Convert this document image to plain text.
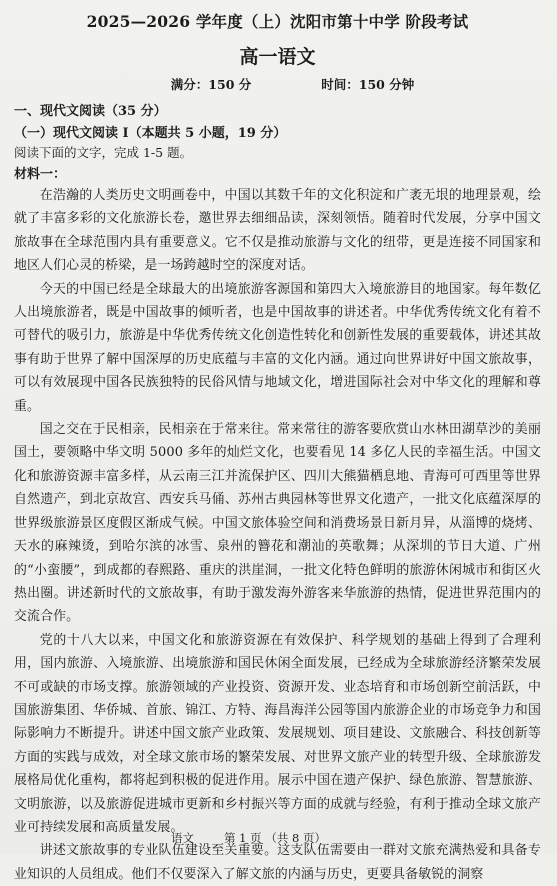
2025—2026 学年度（上）沈阳市第十中学 阶段考试
高一语文
满分：150 分	时间：150 分钟
一、现代文阅读（35 分）
（一）现代文阅读 I（本题共 5 小题，19 分）
阅读下面的文字，完成 1-5 题。
材料一：

在浩瀚的人类历史文明画卷中，中国以其数千年的文化积淀和广袤无垠的地理景观，绘就了丰富多彩的文化旅游长卷，邀世界去细细品读，深刻领悟。随着时代发展，分享中国文旅故事在全球范围内具有重要意义。它不仅是推动旅游与文化的纽带，更是连接不同国家和地区人们心灵的桥梁，是一场跨越时空的深度对话。

今天的中国已经是全球最大的出境旅游客源国和第四大入境旅游目的地国家。每年数亿人出境旅游者，既是中国故事的倾听者，也是中国故事的讲述者。中华优秀传统文化有着不可替代的吸引力，旅游是中华优秀传统文化创造性转化和创新性发展的重要载体，讲述其故事有助于世界了解中国深厚的历史底蕴与丰富的文化内涵。通过向世界讲好中国文旅故事，可以有效展现中国各民族独特的民俗风情与地域文化，增进国际社会对中华文化的理解和尊重。

国之交在于民相亲，民相亲在于常来往。常来常往的游客要欣赏山水林田湖草沙的美丽国土，要领略中华文明 5000 多年的灿烂文化，也要看见 14 多亿人民的幸福生活。中国文化和旅游资源丰富多样，从云南三江并流保护区、四川大熊猫栖息地、青海可可西里等世界自然遗产，到北京故宫、西安兵马俑、苏州古典园林等世界文化遗产，一批文化底蕴深厚的世界级旅游景区度假区渐成气候。中国文旅体验空间和消费场景日新月异，从淄博的烧烤、天水的麻辣烫，到哈尔滨的冰雪、泉州的簪花和潮汕的英歌舞；从深圳的节日大道、广州的“小蛮腰”，到成都的春熙路、重庆的洪崖洞，一批文化特色鲜明的旅游休闲城市和街区火热出圈。讲述新时代的文旅故事，有助于激发海外游客来华旅游的热情，促进世界范围内的交流合作。

党的十八大以来，中国文化和旅游资源在有效保护、科学规划的基础上得到了合理利用，国内旅游、入境旅游、出境旅游和国民休闲全面发展，已经成为全球旅游经济繁荣发展不可或缺的市场支撑。旅游领域的产业投资、资源开发、业态培育和市场创新空前活跃，中国旅游集团、华侨城、首旅、锦江、方特、海昌海洋公园等国内旅游企业的市场竞争力和国际影响力不断提升。讲述中国文旅产业政策、发展规划、项目建设、文旅融合、科技创新等方面的实践与成效，对全球文旅市场的繁荣发展、对世界文旅产业的转型升级、全球旅游发展格局优化重构，都将起到积极的促进作用。展示中国在遗产保护、绿色旅游、智慧旅游、文明旅游，以及旅游促进城市更新和乡村振兴等方面的成就与经验，有利于推动全球文旅产业可持续发展和高质量发展。

讲述文旅故事的专业队伍建设至关重要。这支队伍需要由一群对文旅充满热爱和具备专业知识的人员组成。他们不仅要深入了解文旅的内涵与历史，更要具备敏锐的洞察

语文	第 1 页 （共 8 页）
